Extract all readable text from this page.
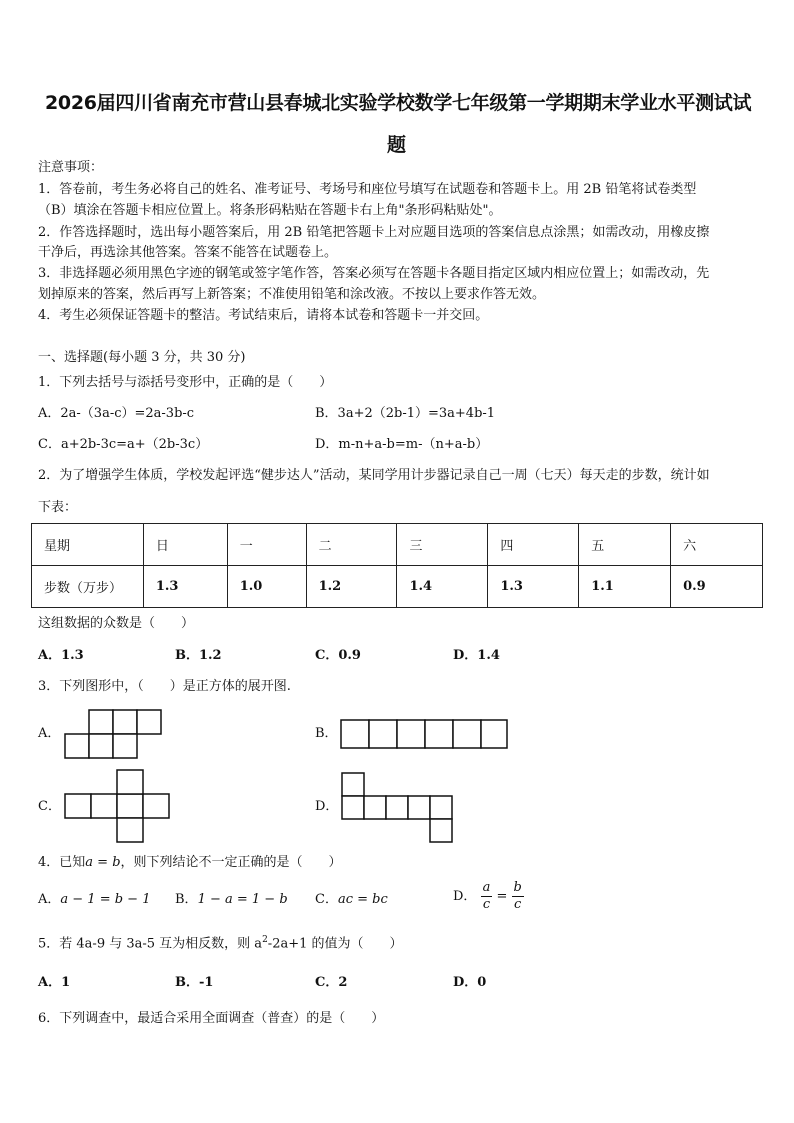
2026届四川省南充市营山县春城北实验学校数学七年级第一学期期末学业水平测试试
题
注意事项：
1．答卷前，考生务必将自己的姓名、准考证号、考场号和座位号填写在试题卷和答题卡上。用 2B 铅笔将试卷类型
（B）填涂在答题卡相应位置上。将条形码粘贴在答题卡右上角"条形码粘贴处"。
2．作答选择题时，选出每小题答案后，用 2B 铅笔把答题卡上对应题目选项的答案信息点涂黑；如需改动，用橡皮擦
干净后，再选涂其他答案。答案不能答在试题卷上。
3．非选择题必须用黑色字迹的钢笔或签字笔作答，答案必须写在答题卡各题目指定区域内相应位置上；如需改动，先
划掉原来的答案，然后再写上新答案；不准使用铅笔和涂改液。不按以上要求作答无效。
4．考生必须保证答题卡的整洁。考试结束后，请将本试卷和答题卡一并交回。
一、选择题(每小题 3 分，共 30 分)
1．下列去括号与添括号变形中，正确的是（　　）
A．2a-（3a-c）=2a-3b-c	B．3a+2（2b-1）=3a+4b-1
C．a+2b-3c=a+（2b-3c）	D．m-n+a-b=m-（n+a-b）
2．为了增强学生体质，学校发起评选“健步达人”活动，某同学用计步器记录自己一周（七天）每天走的步数，统计如
下表：
星期	日	一	二	三	四	五	六
步数（万步）	1.3	1.0	1.2	1.4	1.3	1.1	0.9
这组数据的众数是（　　）
A．1.3	B．1.2	C．0.9	D．1.4
3．下列图形中，（　　）是正方体的展开图.
A．	B．
C．	D．
4．已知a = b，则下列结论不一定正确的是（　　）
A．a − 1 = b − 1 B．1 − a = 1 − b C．ac = bc	D． $\frac{a}{c} = \frac{b}{c}$
5．若 4a-9 与 3a-5 互为相反数，则 $a^2-2a+1$ 的值为（　　）
A．1	B．-1	C．2	D．0
6．下列调查中，最适合采用全面调查（普查）的是（　　）
